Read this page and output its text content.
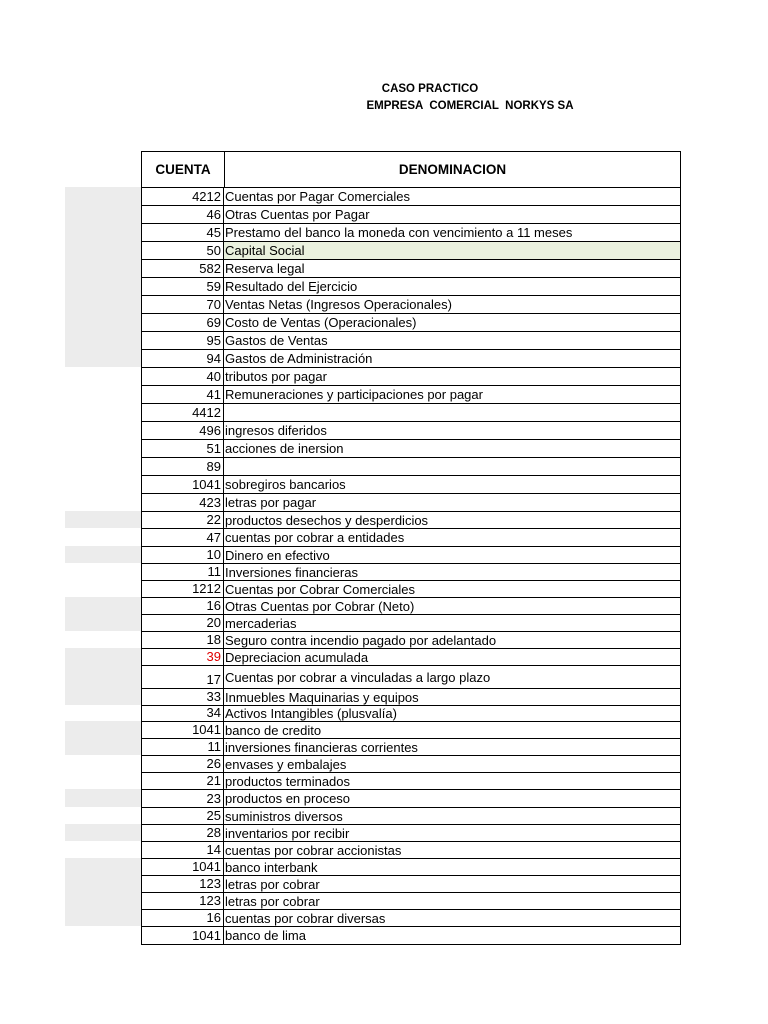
CASO PRACTICO
EMPRESA  COMERCIAL  NORKYS SA
CUENTA	DENOMINACION
4212 Cuentas por Pagar Comerciales
46 Otras Cuentas por Pagar
45 Prestamo del banco la moneda con vencimiento a 11 meses
50 Capital Social
582 Reserva legal
59 Resultado del Ejercicio
70 Ventas Netas (Ingresos Operacionales)
69 Costo de Ventas (Operacionales)
95 Gastos de Ventas
94 Gastos de Administración
40 tributos por pagar
41 Remuneraciones y participaciones por pagar
4412
496 ingresos diferidos
51 acciones de inersion
89
1041 sobregiros bancarios
423 letras por pagar
22 productos desechos y desperdicios
47 cuentas por cobrar a entidades
10 Dinero en efectivo
11 Inversiones financieras
1212 Cuentas por Cobrar Comerciales
16 Otras Cuentas por Cobrar (Neto)
20 mercaderias
18 Seguro contra incendio pagado por adelantado
39 Depreciacion acumulada
17 Cuentas por cobrar a vinculadas a largo plazo
33 Inmuebles Maquinarias y equipos
34 Activos Intangibles (plusvalía)
1041 banco de credito
11 inversiones financieras corrientes
26 envases y embalajes
21 productos terminados
23 productos en proceso
25 suministros diversos
28 inventarios por recibir
14 cuentas por cobrar accionistas
1041 banco interbank
123 letras por cobrar
123 letras por cobrar
16 cuentas por cobrar diversas
1041 banco de lima
